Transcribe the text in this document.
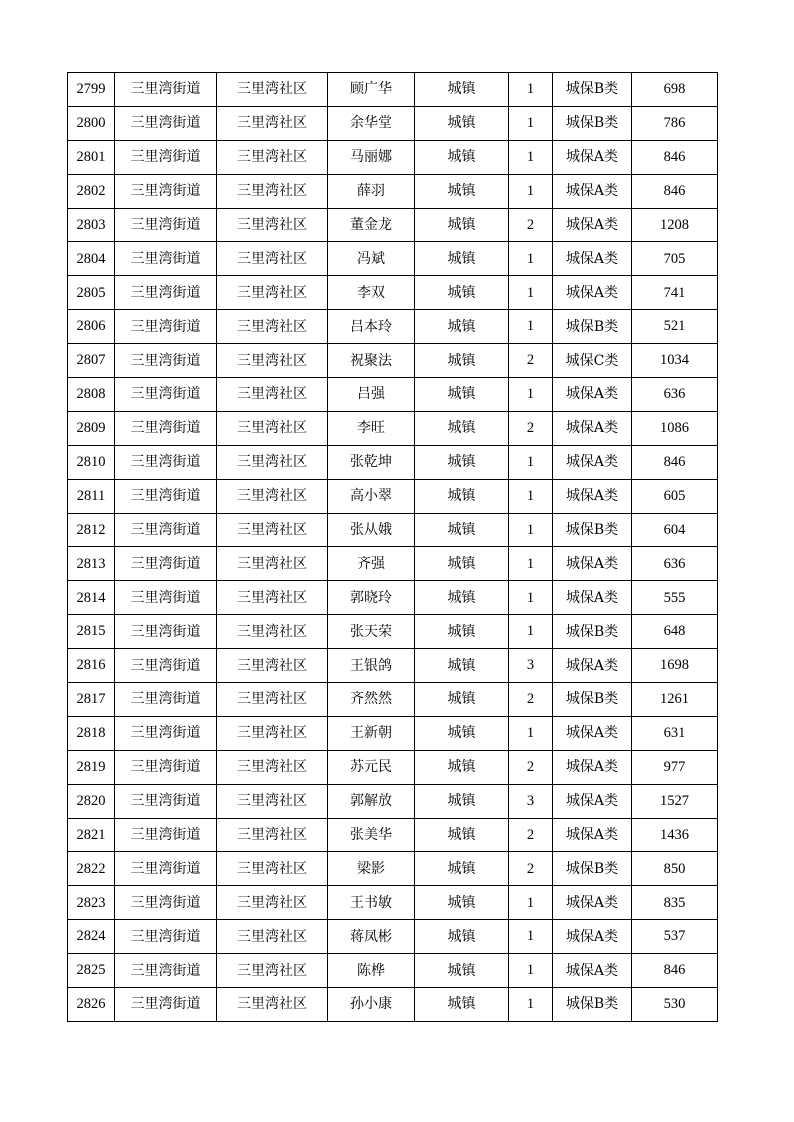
2799	三里湾街道	三里湾社区	顾广华	城镇	1	城保B类	698
2800	三里湾街道	三里湾社区	余华堂	城镇	1	城保B类	786
2801	三里湾街道	三里湾社区	马丽娜	城镇	1	城保A类	846
2802	三里湾街道	三里湾社区	薛羽	城镇	1	城保A类	846
2803	三里湾街道	三里湾社区	董金龙	城镇	2	城保A类	1208
2804	三里湾街道	三里湾社区	冯斌	城镇	1	城保A类	705
2805	三里湾街道	三里湾社区	李双	城镇	1	城保A类	741
2806	三里湾街道	三里湾社区	吕本玲	城镇	1	城保B类	521
2807	三里湾街道	三里湾社区	祝聚法	城镇	2	城保C类	1034
2808	三里湾街道	三里湾社区	吕强	城镇	1	城保A类	636
2809	三里湾街道	三里湾社区	李旺	城镇	2	城保A类	1086
2810	三里湾街道	三里湾社区	张乾坤	城镇	1	城保A类	846
2811	三里湾街道	三里湾社区	高小翠	城镇	1	城保A类	605
2812	三里湾街道	三里湾社区	张从娥	城镇	1	城保B类	604
2813	三里湾街道	三里湾社区	齐强	城镇	1	城保A类	636
2814	三里湾街道	三里湾社区	郭晓玲	城镇	1	城保A类	555
2815	三里湾街道	三里湾社区	张天荣	城镇	1	城保B类	648
2816	三里湾街道	三里湾社区	王银鸽	城镇	3	城保A类	1698
2817	三里湾街道	三里湾社区	齐然然	城镇	2	城保B类	1261
2818	三里湾街道	三里湾社区	王新朝	城镇	1	城保A类	631
2819	三里湾街道	三里湾社区	苏元民	城镇	2	城保A类	977
2820	三里湾街道	三里湾社区	郭解放	城镇	3	城保A类	1527
2821	三里湾街道	三里湾社区	张美华	城镇	2	城保A类	1436
2822	三里湾街道	三里湾社区	梁影	城镇	2	城保B类	850
2823	三里湾街道	三里湾社区	王书敏	城镇	1	城保A类	835
2824	三里湾街道	三里湾社区	蒋凤彬	城镇	1	城保A类	537
2825	三里湾街道	三里湾社区	陈桦	城镇	1	城保A类	846
2826	三里湾街道	三里湾社区	孙小康	城镇	1	城保B类	530
